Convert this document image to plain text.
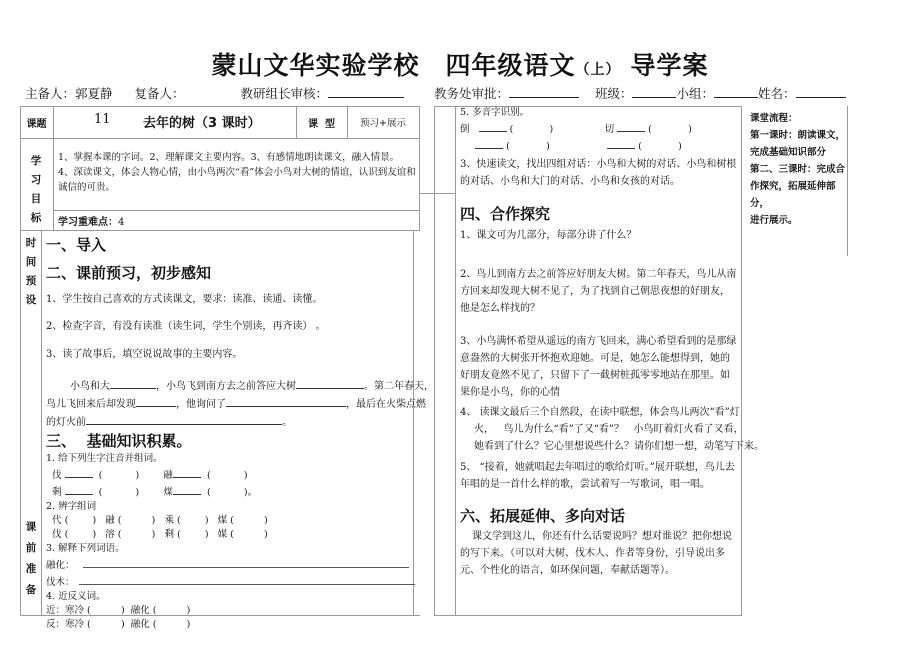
蒙山文华实验学校 四年级语文（上） 导学案
主备人：郭夏静 复备人：	教研组长审核：	教务处审批：	班级：	小组：	姓名：
课题	11 去年的树（3 课时）	课  型	预习+展示
学
习
目
标
1、掌握本课的字词。2、理解课文主要内容。3、有感情地朗读课文，融入情景。
4、深读课文，体会人物心情，由小鸟两次“看”体会小鸟对大树的情谊，认识到友谊和诚信的可贵。
学习重难点：4
时
间
预
设
课
前
准
备
一、导入
二、课前预习，初步感知
1、学生按自己喜欢的方式读课文，要求：读准、读通、读懂。
2、检查字音，有没有读准（读生词，学生个别读，再齐读） 。
3、读了故事后，填空说说故事的主要内容。
小鸟和大	，小鸟飞到南方去之前答应大树	。第二年春天，
鸟儿飞回来后却发现	，他询问了	，最后在火柴点燃
的灯火前	。
三、  基础知识积累。
1. 给下列生字注音并组词。
伐	(           )        融	(           )
剩	(           )        煤	(           )。
2. 辨字组词
代 (        )   融 (          )   乘 (        )   煤 (          )
伐 (        )   溶 (          )   剩 (        )   媒 (          )
3. 解释下列词语。
融化：
伐木：
4. 近反义词。
近：寒冷 (          )  融化 (          )
反：寒冷 (          )  融化 (          )
5. 多音字识别。
倒	(            )                 切	(            )
(            )	(            )
3、快速读文，找出四组对话：小鸟和大树的对话、小鸟和树根的对话、小鸟和大门的对话、小鸟和女孩的对话。
四、合作探究
1、课文可为几部分，每部分讲了什么？
2、鸟儿到南方去之前答应好朋友大树。第二年春天，鸟儿从南方回来却发现大树不见了，为了找到自己朝思夜想的好朋友，他是怎么样找的？
3、小鸟满怀希望从遥远的南方飞回来，满心希望看到的是那绿意盎然的大树张开怀抱欢迎她。可是，她怎么能想得到，她的好朋友竟然不见了，只留下了一截树桩孤零零地站在那里。如果你是小鸟，你的心情
4、 读课文最后三个自然段，在读中联想，体会鸟儿两次“看”灯
火，   鸟儿为什么“看”了又“看”？   小鸟盯着灯火看了又看，
她看到了什么？它心里想说些什么？请你们想一想，动笔写下来。
5、 “接着，她就唱起去年唱过的歌给灯听。”展开联想，鸟儿去年唱的是一首什么样的歌，尝试着写一写歌词，唱一唱。
六、拓展延伸、多向对话
课文学到这儿，你还有什么话要说吗？想对谁说？把你想说的写下来。（可以对大树、伐木人、作者等身份，引导说出多元、个性化的语言，如环保问题，奉献话题等）。
课堂流程：
第一课时：朗读课文，
完成基础知识部分
第二、三课时：完成合
作探究，拓展延伸部分，
进行展示。
